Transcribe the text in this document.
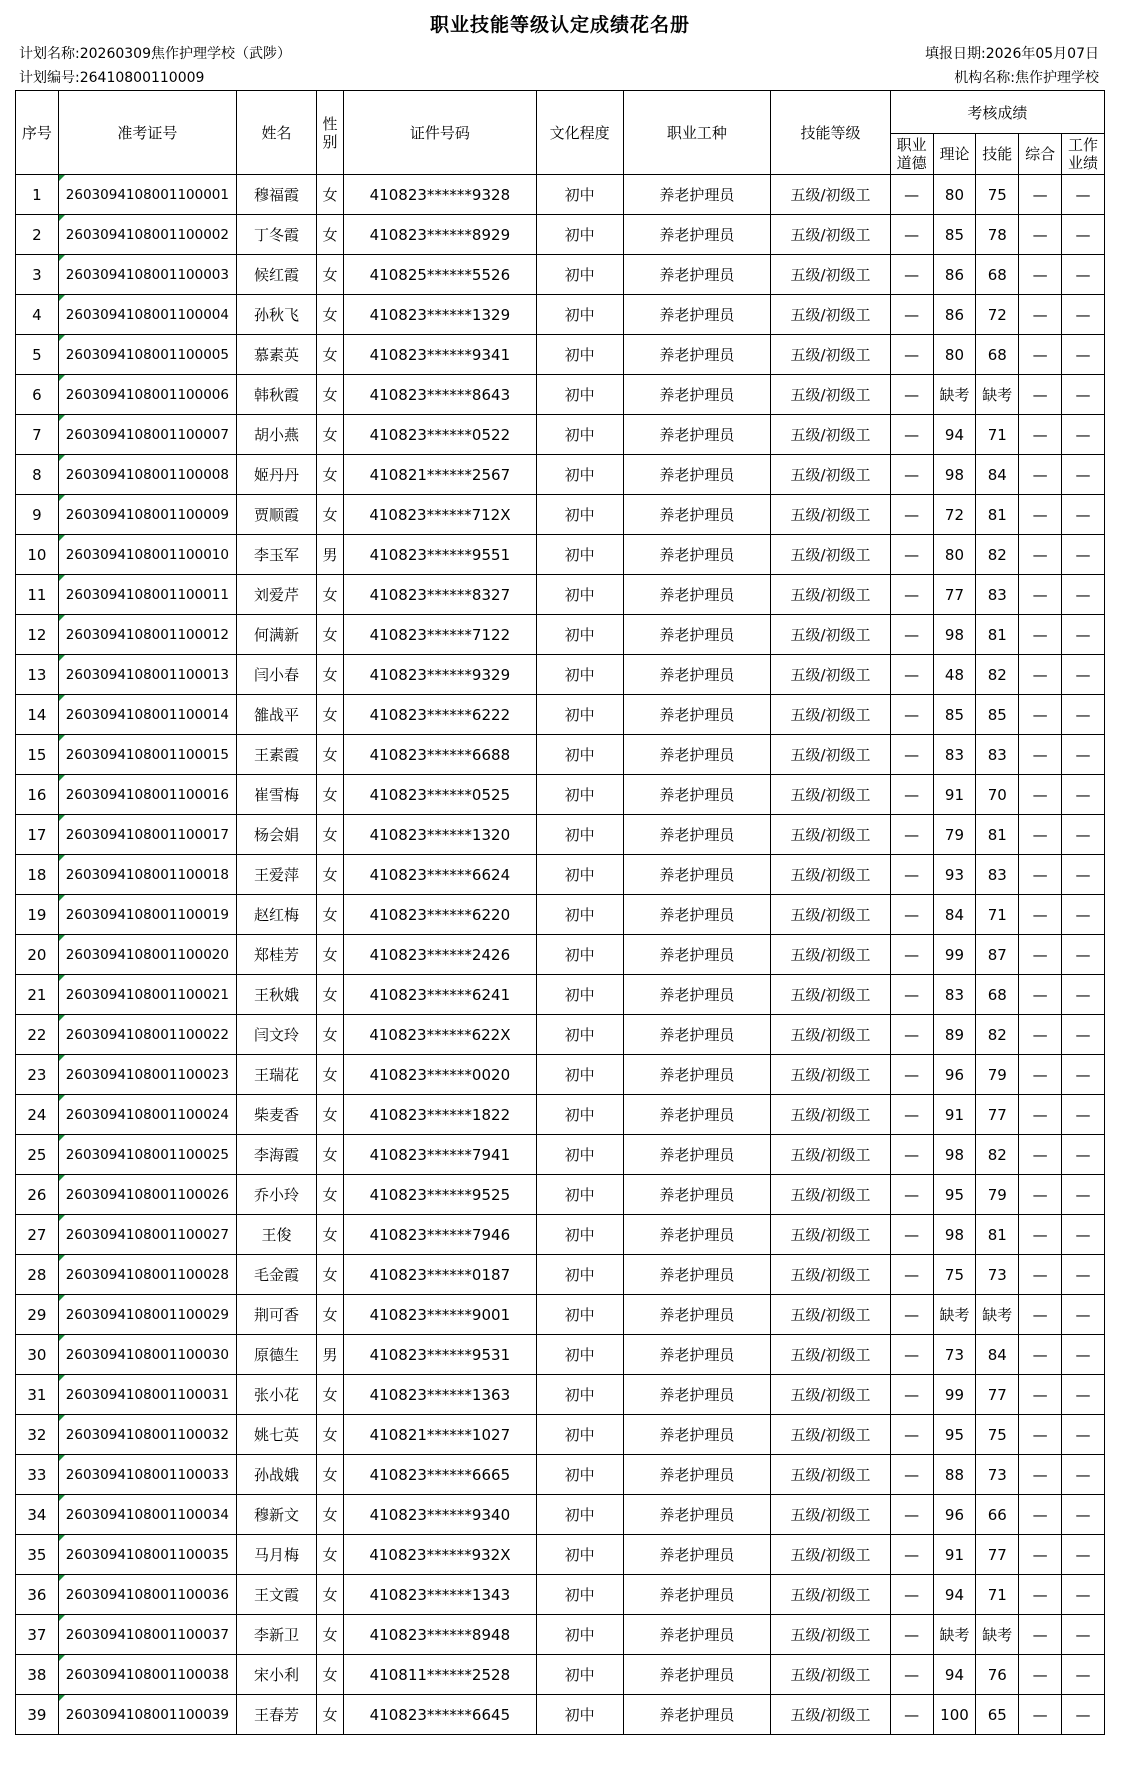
职业技能等级认定成绩花名册
计划名称:20260309焦作护理学校（武陟）	填报日期:2026年05月07日
计划编号:26410800110009	机构名称:焦作护理学校
序号	准考证号	姓名	性别	证件号码	文化程度	职业工种	技能等级	考核成绩				
								职业道德	理论	技能	综合	工作业绩
1	2603094108001100001	穆福霞	女	410823******9328	初中	养老护理员	五级/初级工	—	80	75	—	—
2	2603094108001100002	丁冬霞	女	410823******8929	初中	养老护理员	五级/初级工	—	85	78	—	—
3	2603094108001100003	候红霞	女	410825******5526	初中	养老护理员	五级/初级工	—	86	68	—	—
4	2603094108001100004	孙秋飞	女	410823******1329	初中	养老护理员	五级/初级工	—	86	72	—	—
5	2603094108001100005	慕素英	女	410823******9341	初中	养老护理员	五级/初级工	—	80	68	—	—
6	2603094108001100006	韩秋霞	女	410823******8643	初中	养老护理员	五级/初级工	—	缺考	缺考	—	—
7	2603094108001100007	胡小燕	女	410823******0522	初中	养老护理员	五级/初级工	—	94	71	—	—
8	2603094108001100008	姬丹丹	女	410821******2567	初中	养老护理员	五级/初级工	—	98	84	—	—
9	2603094108001100009	贾顺霞	女	410823******712X	初中	养老护理员	五级/初级工	—	72	81	—	—
10	2603094108001100010	李玉军	男	410823******9551	初中	养老护理员	五级/初级工	—	80	82	—	—
11	2603094108001100011	刘爱芹	女	410823******8327	初中	养老护理员	五级/初级工	—	77	83	—	—
12	2603094108001100012	何满新	女	410823******7122	初中	养老护理员	五级/初级工	—	98	81	—	—
13	2603094108001100013	闫小春	女	410823******9329	初中	养老护理员	五级/初级工	—	48	82	—	—
14	2603094108001100014	雒战平	女	410823******6222	初中	养老护理员	五级/初级工	—	85	85	—	—
15	2603094108001100015	王素霞	女	410823******6688	初中	养老护理员	五级/初级工	—	83	83	—	—
16	2603094108001100016	崔雪梅	女	410823******0525	初中	养老护理员	五级/初级工	—	91	70	—	—
17	2603094108001100017	杨会娟	女	410823******1320	初中	养老护理员	五级/初级工	—	79	81	—	—
18	2603094108001100018	王爱萍	女	410823******6624	初中	养老护理员	五级/初级工	—	93	83	—	—
19	2603094108001100019	赵红梅	女	410823******6220	初中	养老护理员	五级/初级工	—	84	71	—	—
20	2603094108001100020	郑桂芳	女	410823******2426	初中	养老护理员	五级/初级工	—	99	87	—	—
21	2603094108001100021	王秋娥	女	410823******6241	初中	养老护理员	五级/初级工	—	83	68	—	—
22	2603094108001100022	闫文玲	女	410823******622X	初中	养老护理员	五级/初级工	—	89	82	—	—
23	2603094108001100023	王瑞花	女	410823******0020	初中	养老护理员	五级/初级工	—	96	79	—	—
24	2603094108001100024	柴麦香	女	410823******1822	初中	养老护理员	五级/初级工	—	91	77	—	—
25	2603094108001100025	李海霞	女	410823******7941	初中	养老护理员	五级/初级工	—	98	82	—	—
26	2603094108001100026	乔小玲	女	410823******9525	初中	养老护理员	五级/初级工	—	95	79	—	—
27	2603094108001100027	王俊	女	410823******7946	初中	养老护理员	五级/初级工	—	98	81	—	—
28	2603094108001100028	毛金霞	女	410823******0187	初中	养老护理员	五级/初级工	—	75	73	—	—
29	2603094108001100029	荆可香	女	410823******9001	初中	养老护理员	五级/初级工	—	缺考	缺考	—	—
30	2603094108001100030	原德生	男	410823******9531	初中	养老护理员	五级/初级工	—	73	84	—	—
31	2603094108001100031	张小花	女	410823******1363	初中	养老护理员	五级/初级工	—	99	77	—	—
32	2603094108001100032	姚七英	女	410821******1027	初中	养老护理员	五级/初级工	—	95	75	—	—
33	2603094108001100033	孙战娥	女	410823******6665	初中	养老护理员	五级/初级工	—	88	73	—	—
34	2603094108001100034	穆新文	女	410823******9340	初中	养老护理员	五级/初级工	—	96	66	—	—
35	2603094108001100035	马月梅	女	410823******932X	初中	养老护理员	五级/初级工	—	91	77	—	—
36	2603094108001100036	王文霞	女	410823******1343	初中	养老护理员	五级/初级工	—	94	71	—	—
37	2603094108001100037	李新卫	女	410823******8948	初中	养老护理员	五级/初级工	—	缺考	缺考	—	—
38	2603094108001100038	宋小利	女	410811******2528	初中	养老护理员	五级/初级工	—	94	76	—	—
39	2603094108001100039	王春芳	女	410823******6645	初中	养老护理员	五级/初级工	—	100	65	—	—
